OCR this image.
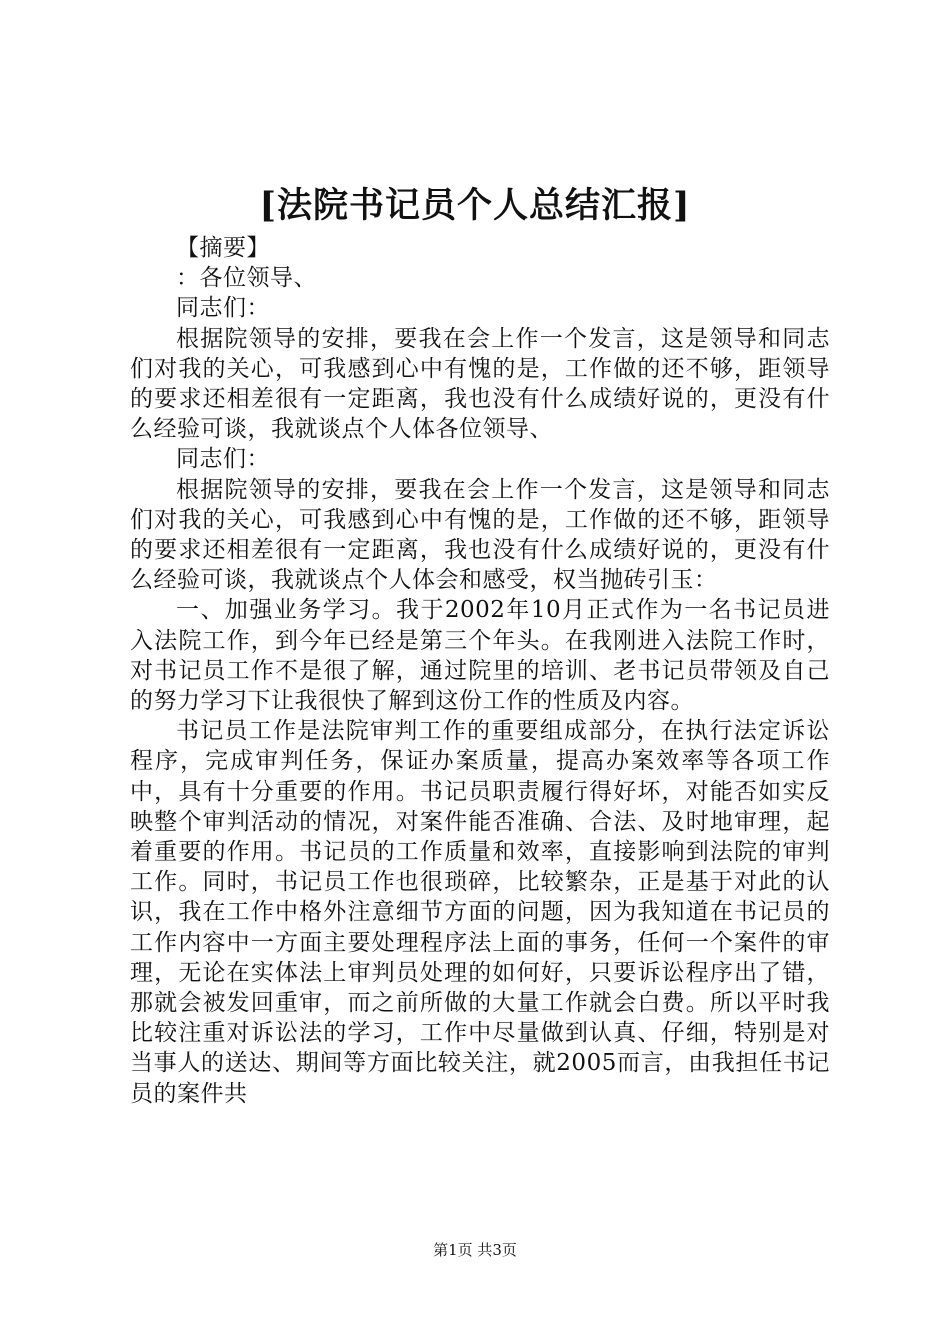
[法院书记员个人总结汇报]

【摘要】

：各位领导、

同志们：

根据院领导的安排，要我在会上作一个发言，这是领导和同志们对我的关心，可我感到心中有愧的是，工作做的还不够，距领导的要求还相差很有一定距离，我也没有什么成绩好说的，更没有什么经验可谈，我就谈点个人体各位领导、

同志们：

根据院领导的安排，要我在会上作一个发言，这是领导和同志们对我的关心，可我感到心中有愧的是，工作做的还不够，距领导的要求还相差很有一定距离，我也没有什么成绩好说的，更没有什么经验可谈，我就谈点个人体会和感受，权当抛砖引玉：

一、加强业务学习。我于2002年10月正式作为一名书记员进入法院工作，到今年已经是第三个年头。在我刚进入法院工作时，对书记员工作不是很了解，通过院里的培训、老书记员带领及自己的努力学习下让我很快了解到这份工作的性质及内容。

书记员工作是法院审判工作的重要组成部分，在执行法定诉讼程序，完成审判任务，保证办案质量，提高办案效率等各项工作中，具有十分重要的作用。书记员职责履行得好坏，对能否如实反映整个审判活动的情况，对案件能否准确、合法、及时地审理，起着重要的作用。书记员的工作质量和效率，直接影响到法院的审判工作。同时，书记员工作也很琐碎，比较繁杂，正是基于对此的认识，我在工作中格外注意细节方面的问题，因为我知道在书记员的工作内容中一方面主要处理程序法上面的事务，任何一个案件的审理，无论在实体法上审判员处理的如何好，只要诉讼程序出了错，那就会被发回重审，而之前所做的大量工作就会白费。所以平时我比较注重对诉讼法的学习，工作中尽量做到认真、仔细，特别是对当事人的送达、期间等方面比较关注，就2005而言，由我担任书记员的案件共

第1页 共3页
